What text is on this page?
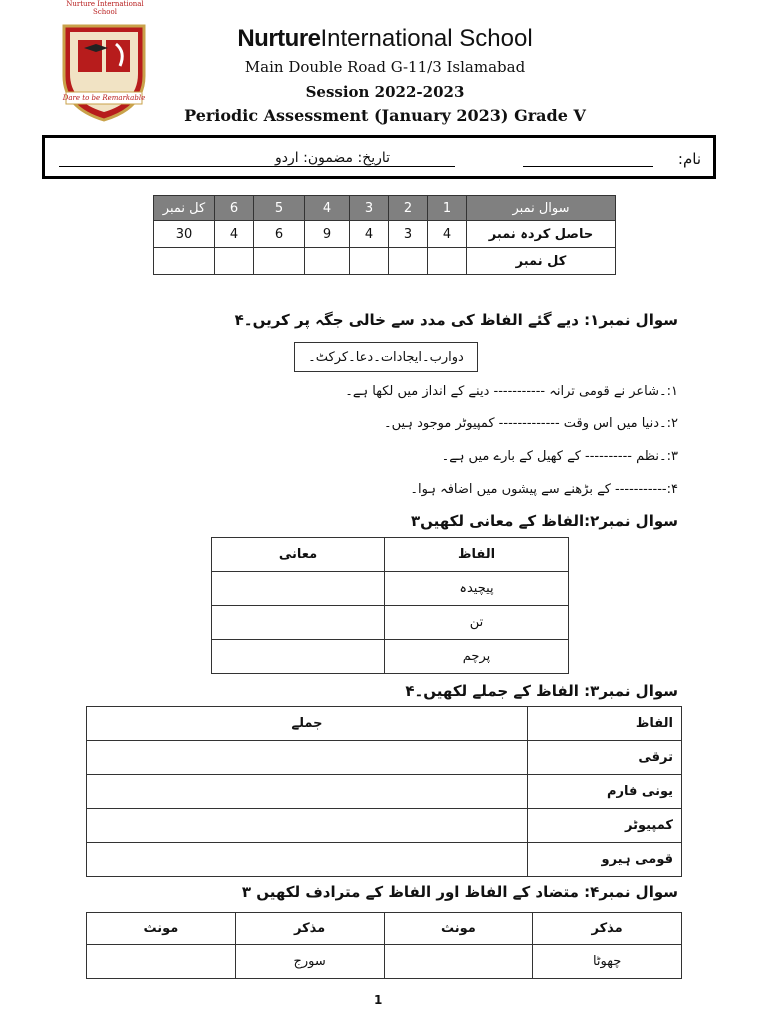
Nurture International School
Dare to be Remarkable
NurtureInternational School
Main Double Road G-11/3 Islamabad
Session 2022-2023
Periodic Assessment (January 2023) Grade V
نام:
تاریخ: مضمون: اردو
کل نمبر	6	5	4	3	2	1	سوال نمبر
30	4	6	9	4	3	4	حاصل کردہ نمبر
							کل نمبر
سوال نمبر۱: دیے گئے الفاظ کی مدد سے خالی جگہ پر کریں۔۴
دوارب۔ایجادات۔دعا۔کرکٹ۔
۱:۔شاعر نے قومی ترانہ ----------- دینے کے انداز میں لکھا ہے۔
۲:۔دنیا میں اس وقت ------------- کمپیوٹر موجود ہیں۔
۳:۔نظم ---------- کے کھیل کے بارے میں ہے۔
۴:----------- کے بڑھنے سے پیشوں میں اضافہ ہوا۔
سوال نمبر۲:الفاظ کے معانی لکھیں۳
معانی	الفاظ
	پیچیدہ
	تن
	پرچم
سوال نمبر۳: الفاظ کے جملے لکھیں۔۴
جملے	الفاظ
	ترقی
	یونی فارم
	کمپیوٹر
	قومی ہیرو
سوال نمبر۴: متضاد کے الفاظ اور الفاظ کے مترادف لکھیں ۳
مونث	مذکر	مونث	مذکر
	سورج		چھوٹا
1
